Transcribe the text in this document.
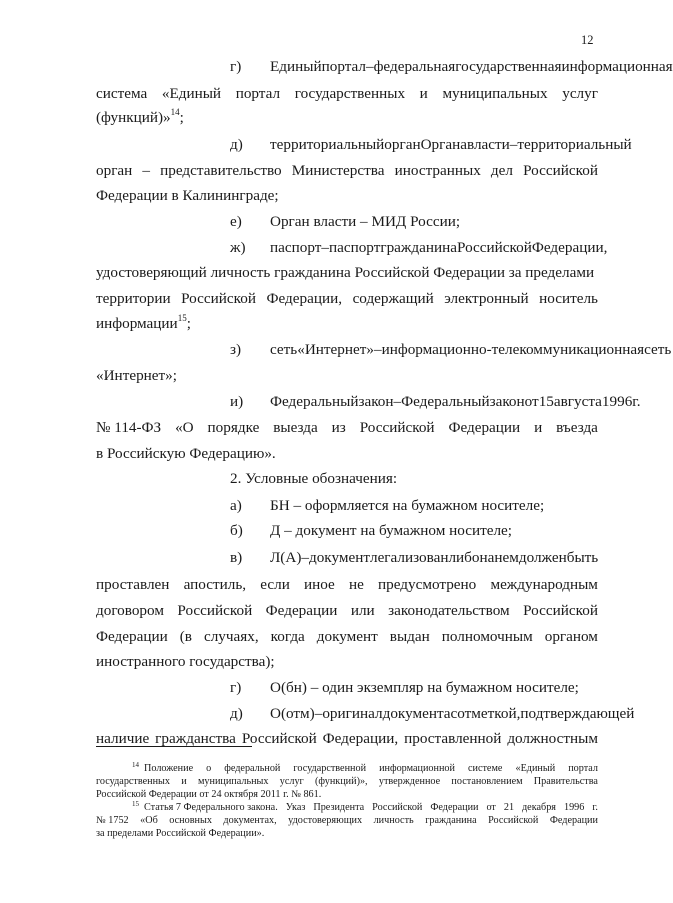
12
г) Единый портал – федеральная государственная информационная
система «Единый портал государственных и муниципальных услуг
(функций)»$^{14}$;
д) территориальный орган Органа власти – территориальный
орган – представительство Министерства иностранных дел Российской
Федерации в Калининграде;
е) Орган власти – МИД России;
ж) паспорт – паспорт гражданина Российской Федерации,
удостоверяющий личность гражданина Российской Федерации за пределами
территории Российской Федерации, содержащий электронный носитель
информации$^{15}$;
з) сеть «Интернет» – информационно-телекоммуникационная сеть
«Интернет»;
и) Федеральный закон – Федеральный закон от 15 августа 1996 г.
№ 114-ФЗ «О порядке выезда из Российской Федерации и въезда
в Российскую Федерацию».
2. Условные обозначения:
а) БН – оформляется на бумажном носителе;
б) Д – документ на бумажном носителе;
в) Л(А) – документ легализован либо на нем должен быть
проставлен апостиль, если иное не предусмотрено международным
договором Российской Федерации или законодательством Российской
Федерации (в случаях, когда документ выдан полномочным органом
иностранного государства);
г) О(бн) – один экземпляр на бумажном носителе;
д) О(отм) – оригинал документа с отметкой, подтверждающей
наличие гражданства Российской Федерации, проставленной должностным
$^{14}$ Положение о федеральной государственной информационной системе «Единый портал
государственных и муниципальных услуг (функций)», утвержденное постановлением Правительства
Российской Федерации от 24 октября 2011 г. № 861.
$^{15}$ Статья 7 Федерального закона. Указ Президента Российской Федерации от 21 декабря 1996 г.
№ 1752 «Об основных документах, удостоверяющих личность гражданина Российской Федерации
за пределами Российской Федерации».
